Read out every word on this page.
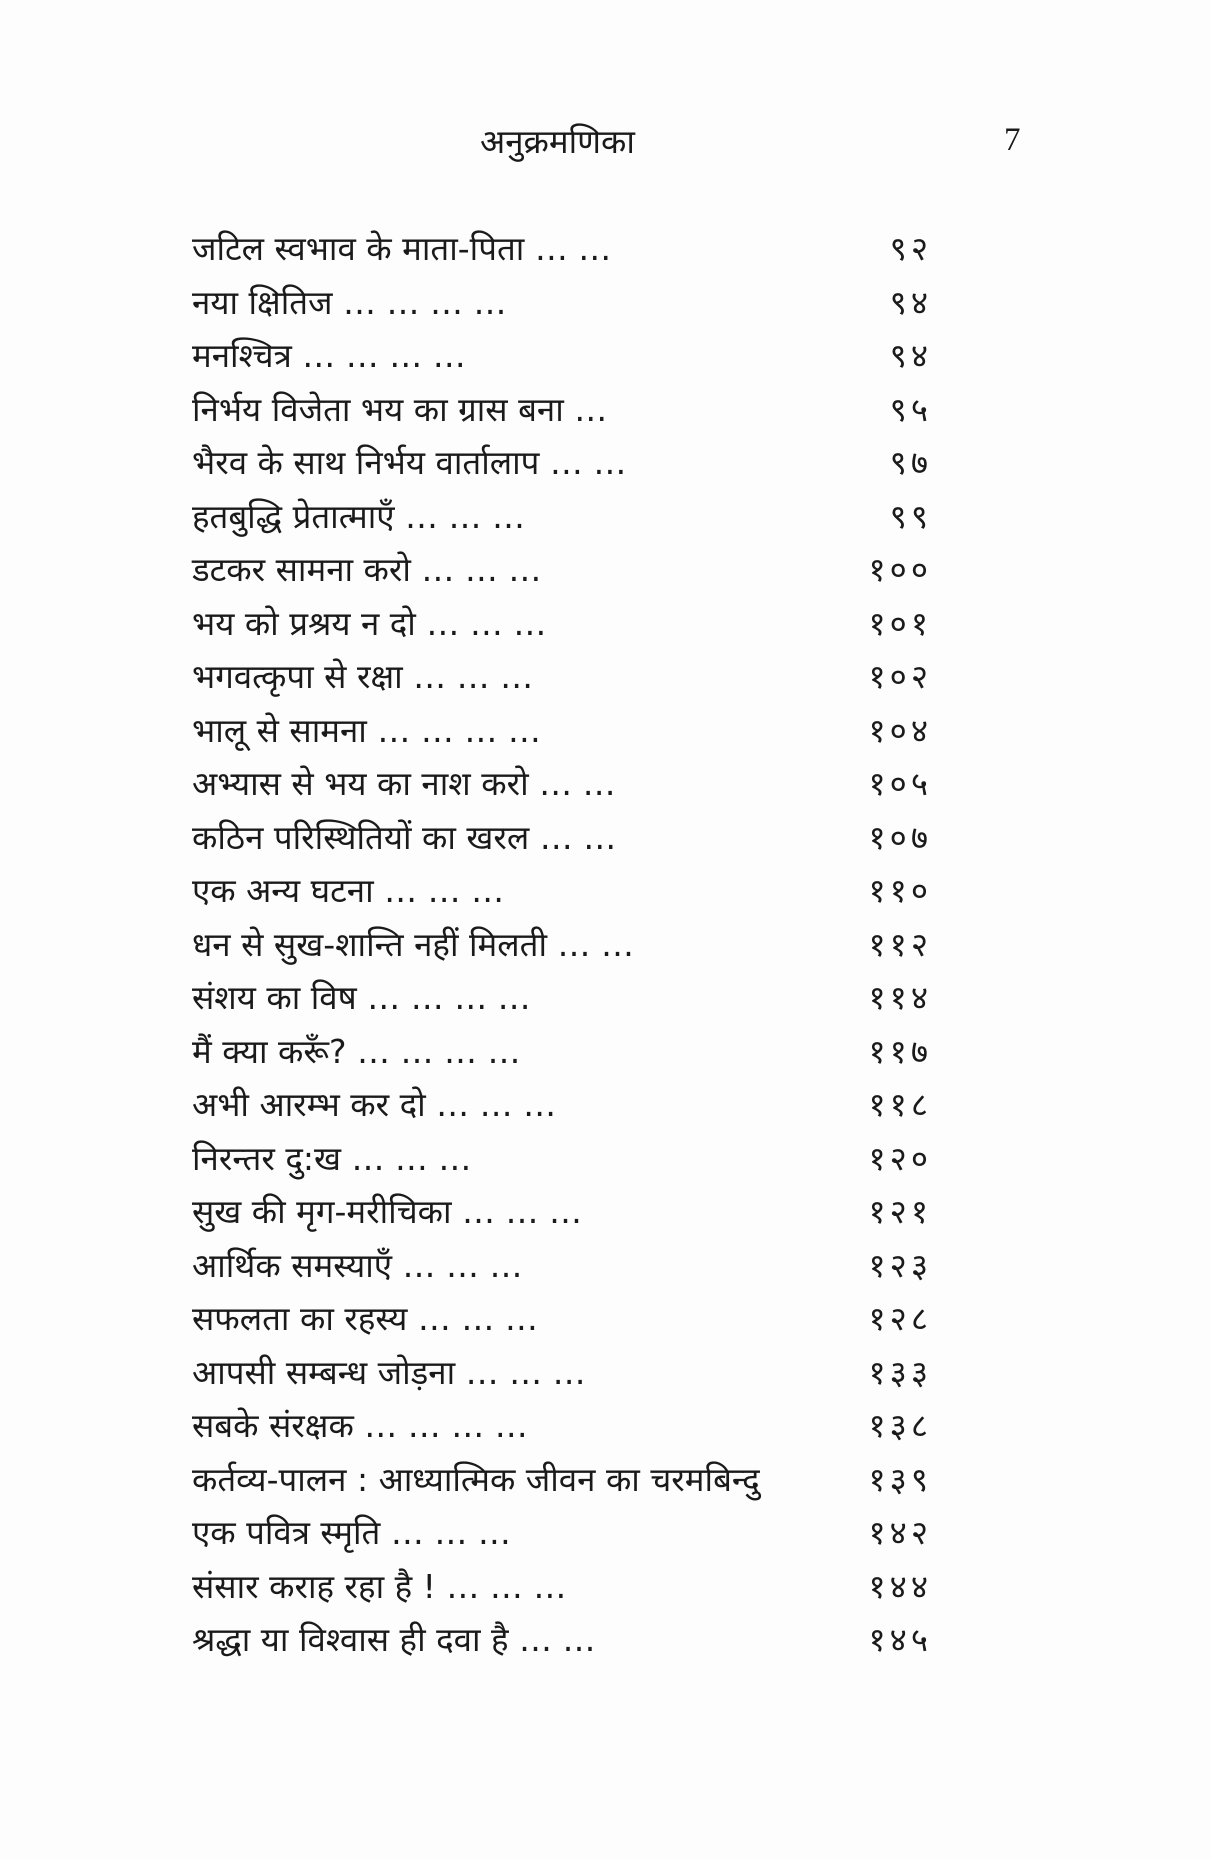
अनुक्रमणिका	7
जटिल स्वभाव के माता-पिता … …	९२
नया क्षितिज … … … …	९४
मनश्चित्र … … … …	९४
निर्भय विजेता भय का ग्रास बना …	९५
भैरव के साथ निर्भय वार्तालाप … …	९७
हतबुद्धि प्रेतात्माएँ … … …	९९
डटकर सामना करो … … …	१००
भय को प्रश्रय न दो … … …	१०१
भगवत्कृपा से रक्षा … … …	१०२
भालू से सामना … … … …	१०४
अभ्यास से भय का नाश करो … …	१०५
कठिन परिस्थितियों का खरल … …	१०७
एक अन्य घटना … … …	११०
धन से सुख-शान्ति नहीं मिलती … …	११२
संशय का विष … … … …	११४
मैं क्या करूँ? … … … …	११७
अभी आरम्भ कर दो … … …	११८
निरन्तर दु:ख … … …	१२०
सुख की मृग-मरीचिका … … …	१२१
आर्थिक समस्याएँ … … …	१२३
सफलता का रहस्य … … …	१२८
आपसी सम्बन्ध जोड़ना … … …	१३३
सबके संरक्षक … … … …	१३८
कर्तव्य-पालन : आध्यात्मिक जीवन का चरमबिन्दु	१३९
एक पवित्र स्मृति … … …	१४२
संसार कराह रहा है ! … … …	१४४
श्रद्धा या विश्वास ही दवा है … …	१४५
